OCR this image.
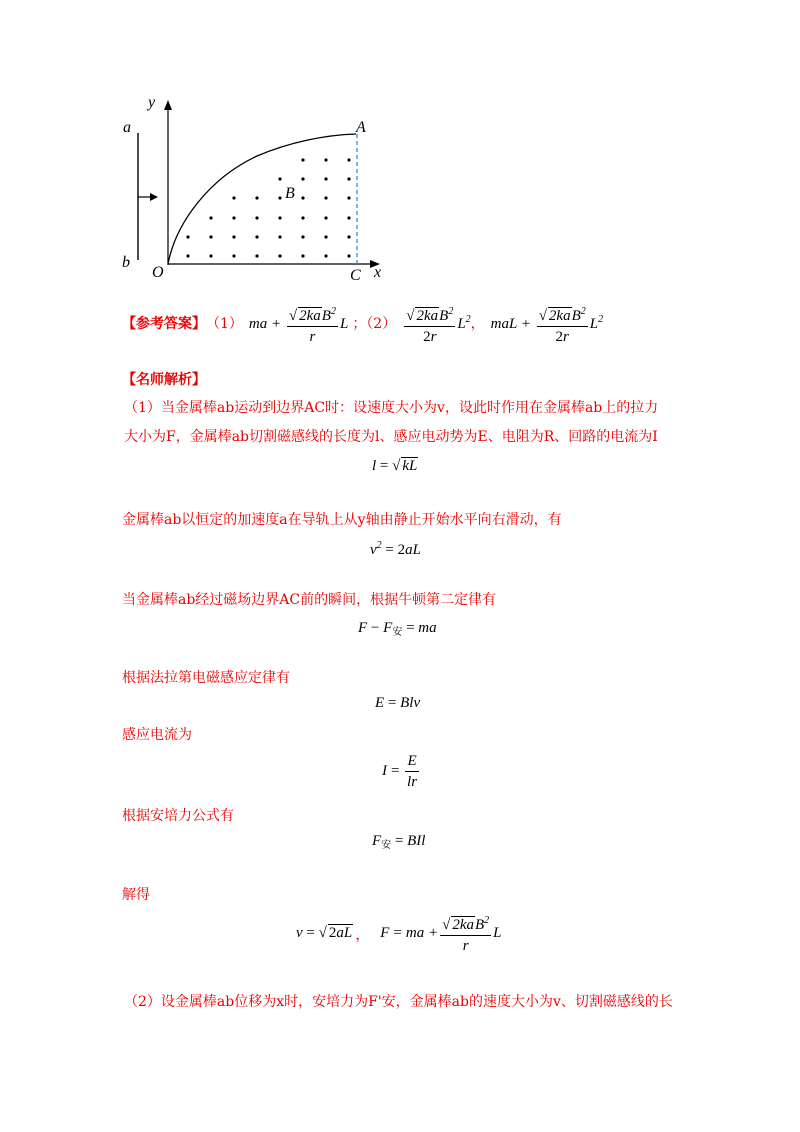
y
a
b
O	C x
A
B
【参考答案】 （1） ma + $\frac{√ 2kaB^2}{r}$ L ；$(2) \frac{√ 2kaB^2}{2r} L^2$ ， maL + $\frac{√ 2kaB^2}{2r} L^2$
【名师解析】
（1）当金属棒ab运动到边界AC时：设速度大小为v，设此时作用在金属棒ab上的拉力
大小为F，金属棒ab切割磁感线的长度为l、感应电动势为E、电阻为R、回路的电流为I
l = √ kL
金属棒ab以恒定的加速度a在导轨上从y轴由静止开始水平向右滑动，有
$v^2 = 2aL$
当金属棒ab经过磁场边界AC前的瞬间，根据牛顿第二定律有
$F - F_安$ = ma
根据法拉第电磁感应定律有
E = Blv
感应电流为
$I = \frac{E}{lr}$
根据安培力公式有
$F_安$ = BIl
解得
v = √ 2aL ， F = ma + $\frac{√ 2kaB^2}{r}$ L
（2）设金属棒ab位移为x时，安培力为F'安，金属棒ab的速度大小为v、切割磁感线的长
